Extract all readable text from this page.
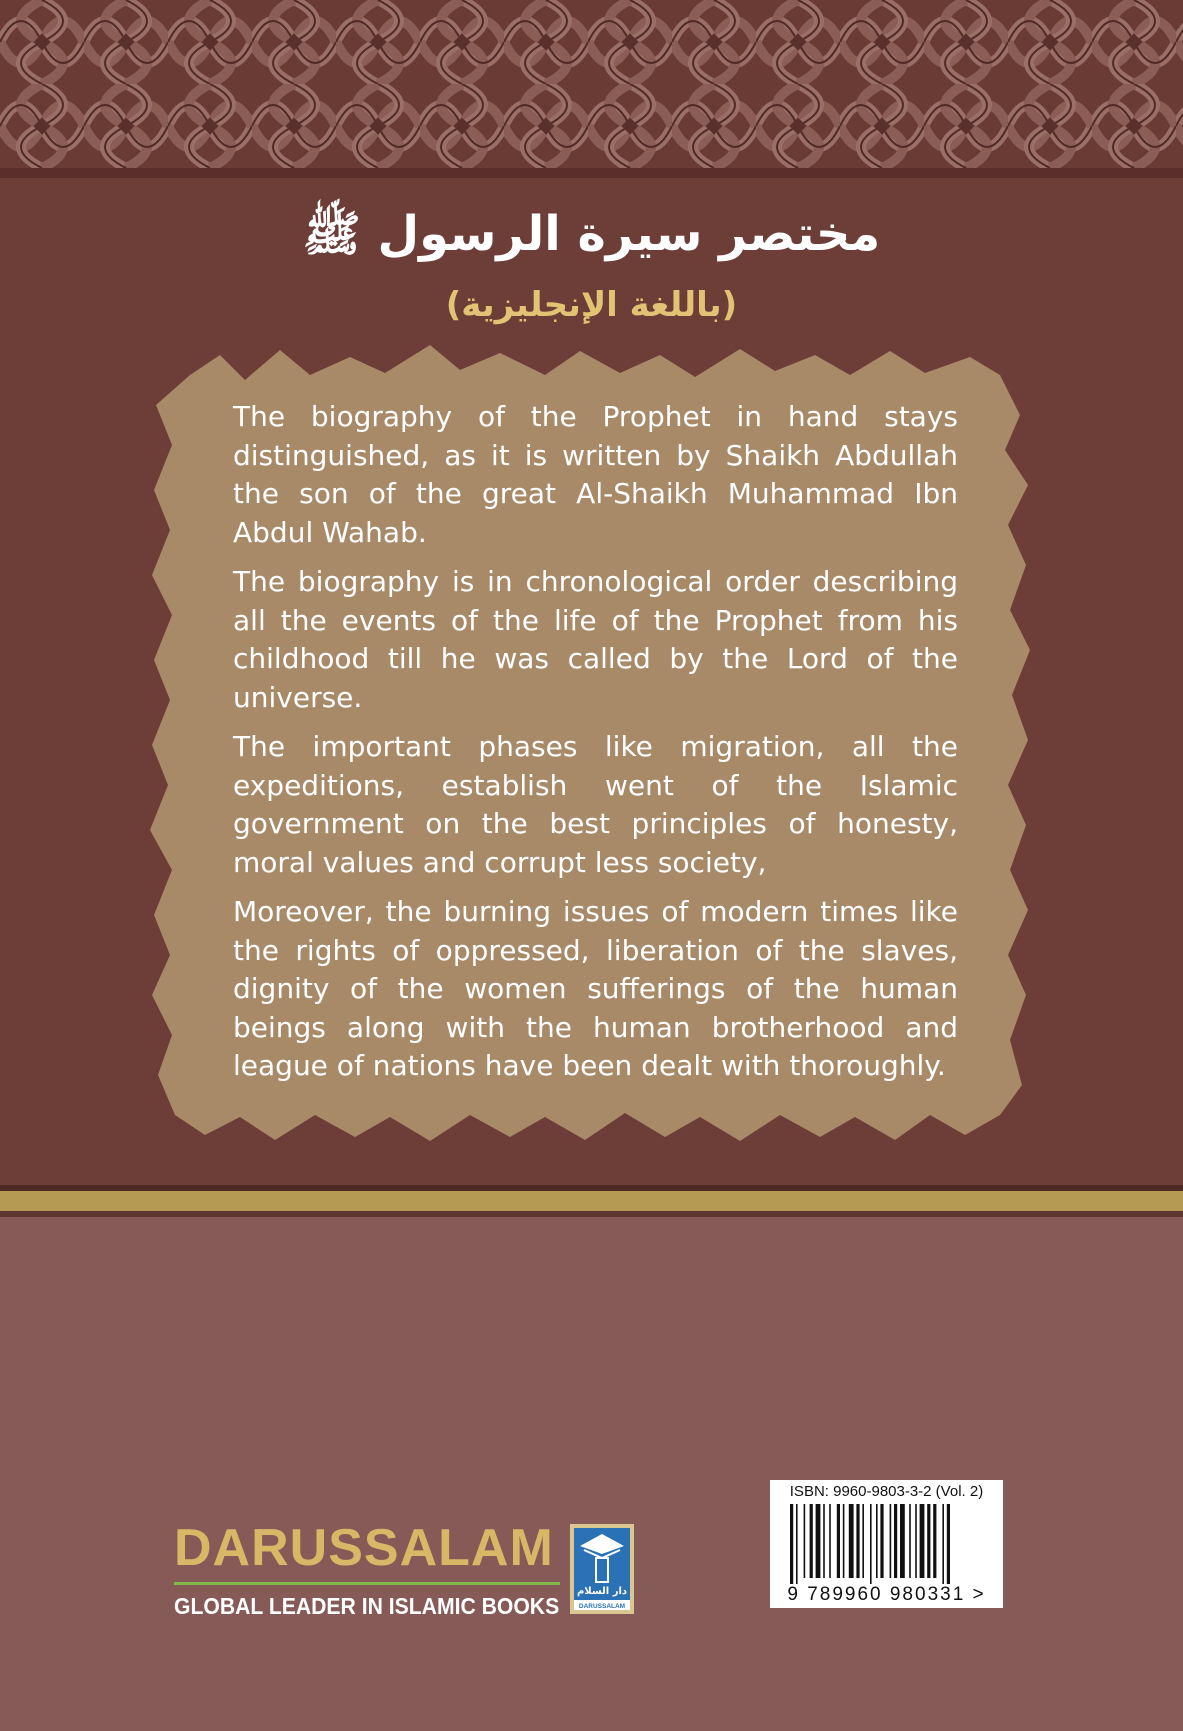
مختصر سيرة الرسول ﷺ
(باللغة الإنجليزية)

The biography of the Prophet in hand stays distinguished, as it is written by Shaikh Abdullah the son of the great Al-Shaikh Muhammad Ibn Abdul Wahab.

The biography is in chronological order describing all the events of the life of the Prophet from his childhood till he was called by the Lord of the universe.

The important phases like migration, all the expeditions, establish went of the Islamic government on the best principles of honesty, moral values and corrupt less society,

Moreover, the burning issues of modern times like the rights of oppressed, liberation of the slaves, dignity of the women sufferings of the human beings along with the human brotherhood and league of nations have been dealt with thoroughly.

DARUSSALAM
GLOBAL LEADER IN ISLAMIC BOOKS
دار السلام
DARUSSALAM
ISBN: 9960-9803-3-2 (Vol. 2)
9 789960 980331 >
